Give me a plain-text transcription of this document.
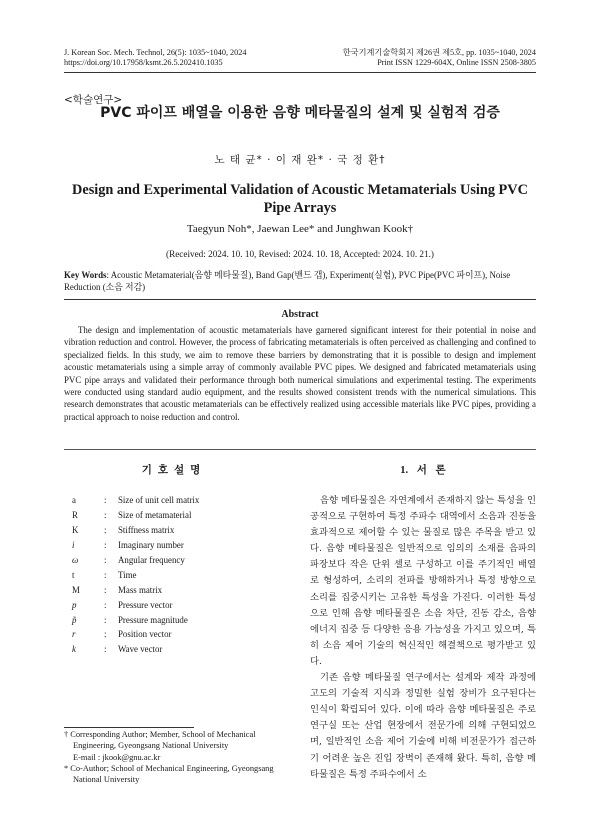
J. Korean Soc. Mech. Technol, 26(5): 1035~1040, 2024
https://doi.org/10.17958/ksmt.26.5.202410.1035
한국기계기술학회지 제26권 제5호, pp. 1035~1040, 2024
Print ISSN 1229-604X, Online ISSN 2508-3805
<학술연구>
PVC 파이프 배열을 이용한 음향 메타물질의 설계 및 실험적 검증
노 태 균* · 이 재 완* · 국 정 환†
Design and Experimental Validation of Acoustic Metamaterials Using PVC Pipe Arrays
Taegyun Noh*, Jaewan Lee* and Junghwan Kook†
(Received: 2024. 10. 10, Revised: 2024. 10. 18, Accepted: 2024. 10. 21.)
Key Words: Acoustic Metamaterial(음향 메타물질), Band Gap(밴드 갭), Experiment(실험), PVC Pipe(PVC 파이프), Noise Reduction (소음 저감)
Abstract

The design and implementation of acoustic metamaterials have garnered significant interest for their potential in noise and vibration reduction and control. However, the process of fabricating metamaterials is often perceived as challenging and confined to specialized fields. In this study, we aim to remove these barriers by demonstrating that it is possible to design and implement acoustic metamaterials using a simple array of commonly available PVC pipes. We designed and fabricated metamaterials using PVC pipe arrays and validated their performance through both numerical simulations and experimental testing. The experiments were conducted using standard audio equipment, and the results showed consistent trends with the numerical simulations. This research demonstrates that acoustic metamaterials can be effectively realized using accessible materials like PVC pipes, providing a practical approach to noise reduction and control.

기호설명	1. 서 론
a	:	Size of unit cell matrix
R	:	Size of metamaterial
K	:	Stiffness matrix
i	:	Imaginary number
ω	:	Angular frequency
t	:	Time
M	:	Mass matrix
p	:	Pressure vector
p̃	:	Pressure magnitude
r	:	Position vector
k	:	Wave vector

† Corresponding Author; Member, School of Mechanical Engineering, Gyeongsang National University

E-mail : jkook@gnu.ac.kr

* Co-Author; School of Mechanical Engineering, Gyeongsang National University

음향 메타물질은 자연계에서 존재하지 않는 특성을 인공적으로 구현하여 특정 주파수 대역에서 소음과 진동을 효과적으로 제어할 수 있는 물질로 많은 주목을 받고 있다. 음향 메타물질은 일반적으로 임의의 소재를 음파의 파장보다 작은 단위 셀로 구성하고 이를 주기적인 배열로 형성하여, 소리의 전파를 방해하거나 특정 방향으로 소리를 집중시키는 고유한 특성을 가진다. 이러한 특성으로 인해 음향 메타물질은 소음 차단, 진동 감소, 음향 에너지 집중 등 다양한 응용 가능성을 가지고 있으며, 특히 소음 제어 기술의 혁신적인 해결책으로 평가받고 있다.

기존 음향 메타물질 연구에서는 설계와 제작 과정에 고도의 기술적 지식과 정밀한 실험 장비가 요구된다는 인식이 확립되어 있다. 이에 따라 음향 메타물질은 주로 연구실 또는 산업 현장에서 전문가에 의해 구현되었으며, 일반적인 소음 제어 기술에 비해 비전문가가 접근하기 어려운 높은 진입 장벽이 존재해 왔다. 특히, 음향 메타물질은 특정 주파수에서 소
